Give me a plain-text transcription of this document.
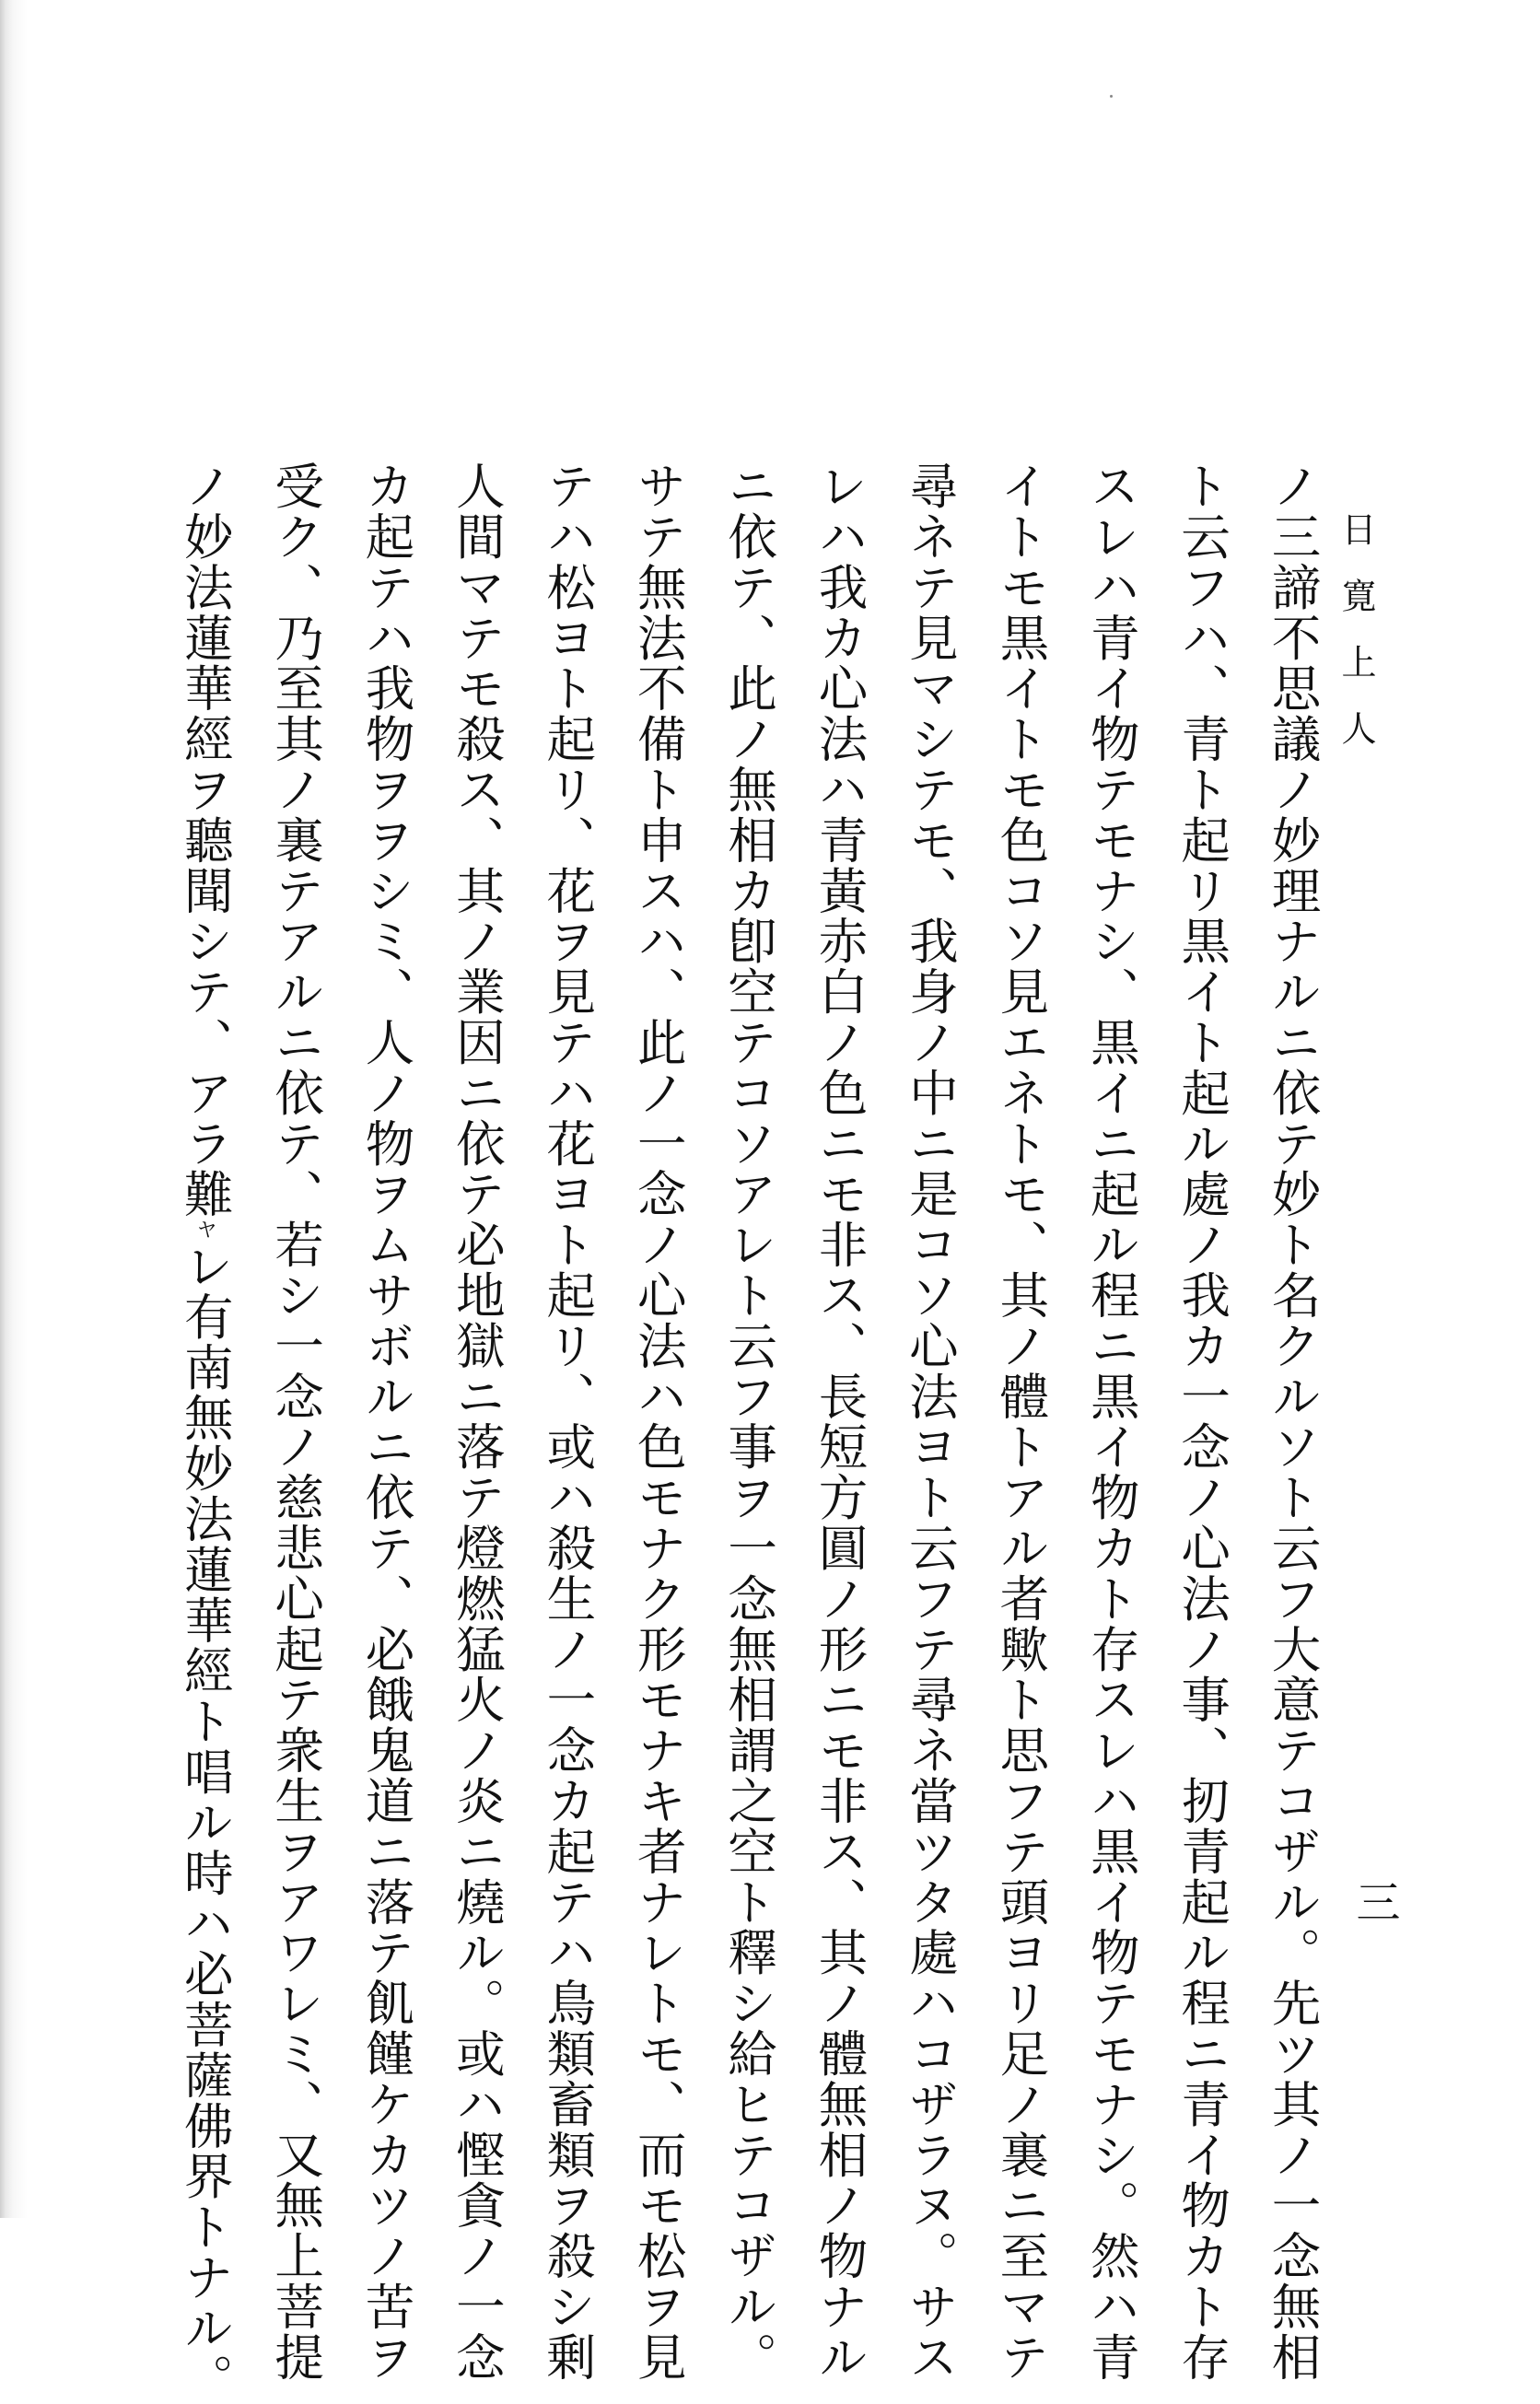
日寛上人
三
ノ三諦不思議ノ妙理ナルニ依テ妙ト名クルソト云フ大意テコザル。先ツ其ノ一念無相
ト云フハ、青ト起リ黒イト起ル處ノ我カ一念ノ心法ノ事、扨青起ル程ニ青イ物カト存
スレハ青イ物テモナシ、黒イニ起ル程ニ黒イ物カト存スレハ黒イ物テモナシ。然ハ青
イトモ黒イトモ色コソ見エネトモ、其ノ體トアル者歟ト思フテ頭ヨリ足ノ裏ニ至マテ
尋ネテ見マシテモ、我身ノ中ニ是コソ心法ヨト云フテ尋ネ當ツタ處ハコザラヌ。サス
レハ我カ心法ハ青黃赤白ノ色ニモ非ス、長短方圓ノ形ニモ非ス、其ノ體無相ノ物ナル
ニ依テ、此ノ無相カ卽空テコソアレト云フ事ヲ一念無相謂之空ト釋シ給ヒテコザル。
サテ無法不備ト申スハ、此ノ一念ノ心法ハ色モナク形モナキ者ナレトモ、而モ松ヲ見
テハ松ヨト起リ、花ヲ見テハ花ヨト起リ、或ハ殺生ノ一念カ起テハ鳥類畜類ヲ殺シ剰
人間マテモ殺ス、其ノ業因ニ依テ必地獄ニ落テ燈燃猛火ノ炎ニ燒ル。或ハ慳貪ノ一念
カ起テハ我物ヲヲシミ、人ノ物ヲムサボルニ依テ、必餓鬼道ニ落テ飢饉ケカツノ苦ヲ
受ク、乃至其ノ裏テアルニ依テ、若シ一念ノ慈悲心起テ衆生ヲアワレミ、又無上菩提
ノ妙法蓮華經ヲ聽聞シテ、アラ難ヤレ有南無妙法蓮華經ト唱ル時ハ必菩薩佛界トナル。
